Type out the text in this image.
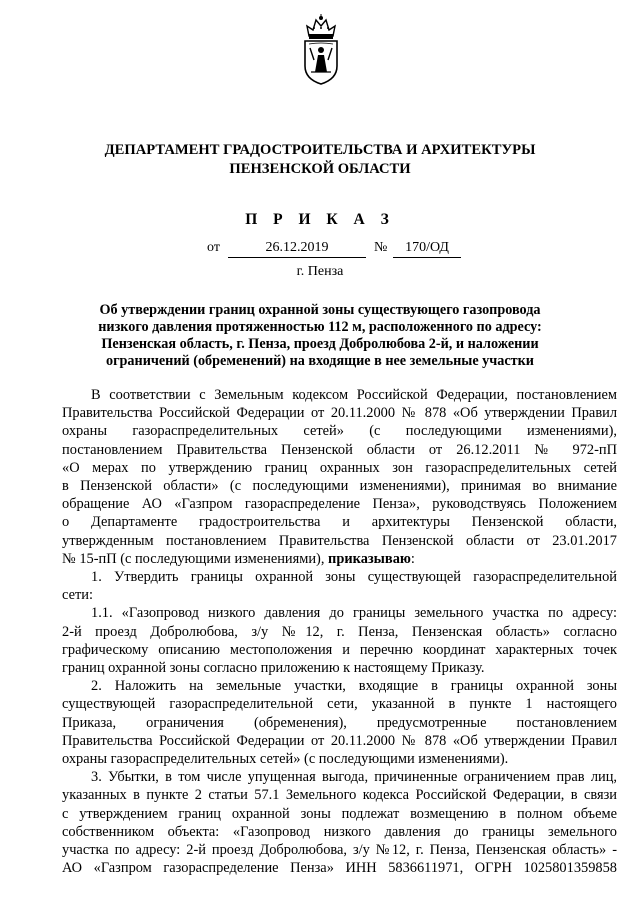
ДЕПАРТАМЕНТ ГРАДОСТРОИТЕЛЬСТВА И АРХИТЕКТУРЫ
ПЕНЗЕНСКОЙ ОБЛАСТИ
П Р И К А З
от	26.12.2019	№	170/ОД
г. Пенза
Об утверждении границ охранной зоны существующего газопровода
низкого давления протяженностью 112 м, расположенного по адресу:
Пензенская область, г. Пенза, проезд Добролюбова 2-й, и наложении
ограничений (обременений) на входящие в нее земельные участки
В соответствии с Земельным кодексом Российской Федерации, постановлением
Правительства Российской Федерации от 20.11.2000 № 878 «Об утверждении Правил
охраны газораспределительных сетей» (с последующими изменениями),
постановлением Правительства Пензенской области от 26.12.2011 № 972-пП
«О мерах по утверждению границ охранных зон газораспределительных сетей
в Пензенской области» (с последующими изменениями), принимая во внимание
обращение АО «Газпром газораспределение Пенза», руководствуясь Положением
о Департаменте градостроительства и архитектуры Пензенской области,
утвержденным постановлением Правительства Пензенской области от 23.01.2017
№ 15-пП (с последующими изменениями), приказываю:
1. Утвердить границы охранной зоны существующей газораспределительной
сети:
1.1. «Газопровод низкого давления до границы земельного участка по адресу:
2-й проезд Добролюбова, з/у №12, г. Пенза, Пензенская область» согласно
графическому описанию местоположения и перечню координат характерных точек
границ охранной зоны согласно приложению к настоящему Приказу.
2. Наложить на земельные участки, входящие в границы охранной зоны
существующей газораспределительной сети, указанной в пункте 1 настоящего
Приказа, ограничения (обременения), предусмотренные постановлением
Правительства Российской Федерации от 20.11.2000 № 878 «Об утверждении Правил
охраны газораспределительных сетей» (с последующими изменениями).
3. Убытки, в том числе упущенная выгода, причиненные ограничением прав лиц,
указанных в пункте 2 статьи 57.1 Земельного кодекса Российской Федерации, в связи
с утверждением границ охранной зоны подлежат возмещению в полном объеме
собственником объекта: «Газопровод низкого давления до границы земельного
участка по адресу: 2-й проезд Добролюбова, з/у №12, г. Пенза, Пензенская область» -
АО «Газпром газораспределение Пенза» ИНН 5836611971, ОГРН 1025801359858
